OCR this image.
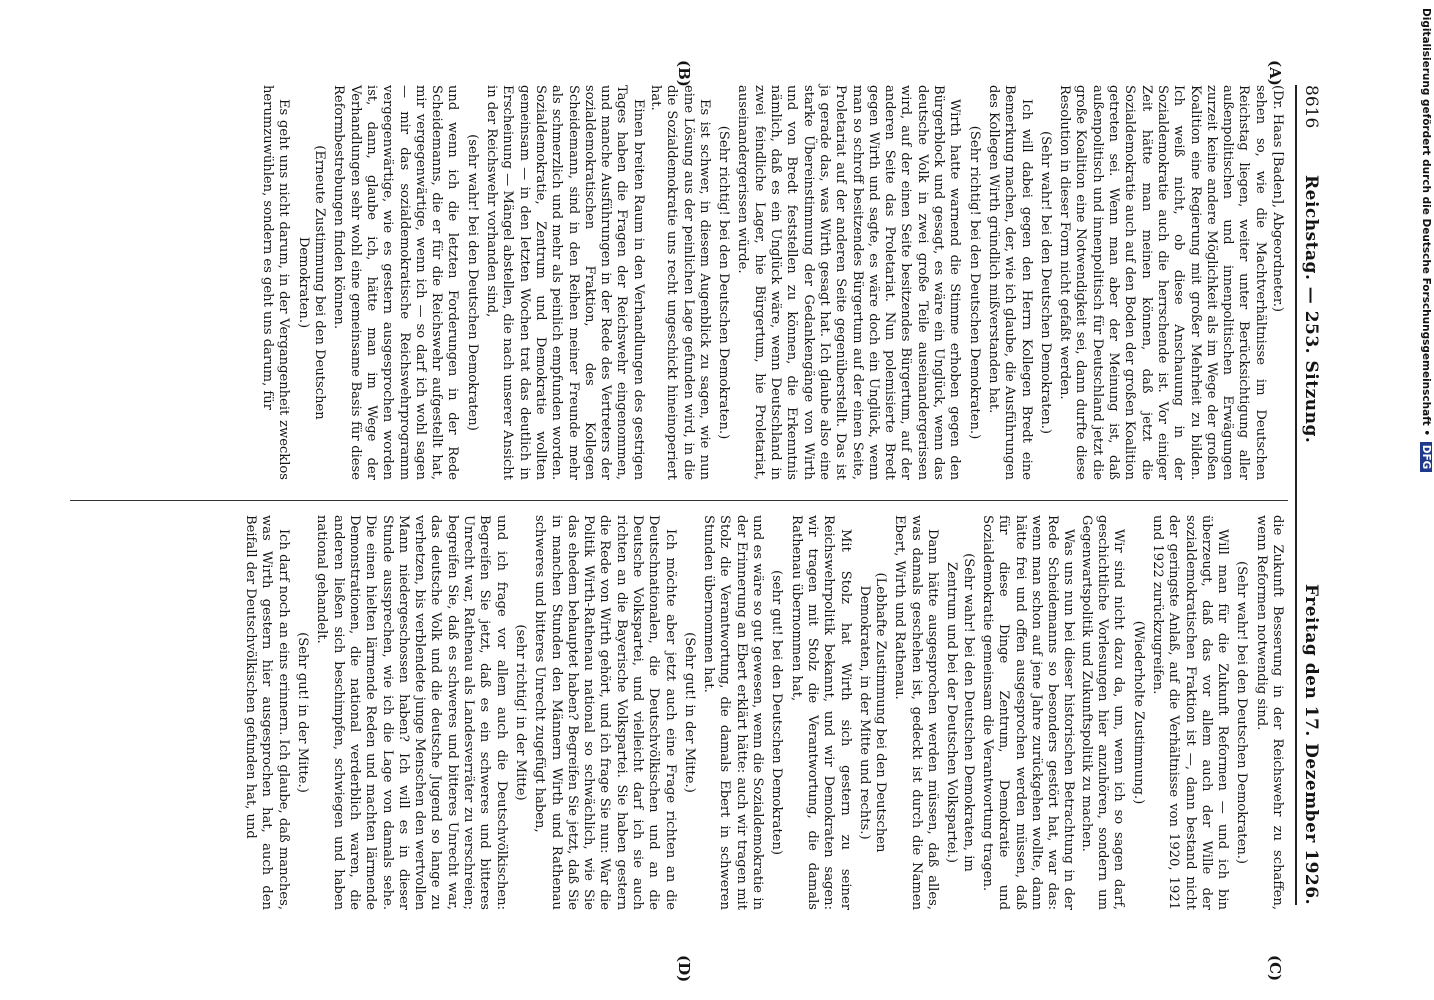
8616
Reichstag. — 253. Sitzung.
Freitag den 17. Dezember 1926.
(A)
(B)
(C)
(D)

(Dr. Haas [Baden], Abgeordneter.)

sehen so, wie die Machtverhältnisse im Deutschen Reichstag liegen, weiter unter Berücksichtigung aller außenpolitischen und innenpolitischen Erwägungen zurzeit keine andere Möglichkeit als im Wege der großen Koalition eine Regierung mit großer Mehrheit zu bilden. Ich weiß nicht, ob diese Anschauung in der Sozialdemokratie auch die herrschende ist. Vor einiger Zeit hätte man meinen können, daß jetzt die Sozialdemokratie auch auf den Boden der großen Koalition getreten sei. Wenn man aber der Meinung ist, daß außenpolitisch und innenpolitisch für Deutschland jetzt die große Koalition eine Notwendigkeit sei, dann durfte diese Resolution in dieser Form nicht gefaßt werden.

(Sehr wahr! bei den Deutschen Demokraten.)

Ich will dabei gegen den Herrn Kollegen Bredt eine Bemerkung machen, der, wie ich glaube, die Ausführungen des Kollegen Wirth gründlich mißverstanden hat.

(Sehr richtig! bei den Deutschen Demokraten.)

Wirth hatte warnend die Stimme erhoben gegen den Bürgerblock und gesagt, es wäre ein Unglück, wenn das deutsche Volk in zwei große Teile auseinandergerissen wird, auf der einen Seite besitzendes Bürgertum, auf der anderen Seite das Proletariat. Nun polemisierte Bredt gegen Wirth und sagte, es wäre doch ein Unglück, wenn man so schroff besitzendes Bürgertum auf der einen Seite, Proletariat auf der anderen Seite gegenüberstellt. Das ist ja gerade das, was Wirth gesagt hat. Ich glaube also eine starke Übereinstimmung der Gedankengänge von Wirth und von Bredt feststellen zu können, die Erkenntnis nämlich, daß es ein Unglück wäre, wenn Deutschland in zwei feindliche Lager, hie Bürgertum, hie Proletariat, auseinandergerissen würde.

(Sehr richtig! bei den Deutschen Demokraten.)

Es ist schwer, in diesem Augenblick zu sagen, wie nun eine Lösung aus der peinlichen Lage gefunden wird, in die die Sozialdemokratie uns recht ungeschickt hineinoperiert hat.

Einen breiten Raum in den Verhandlungen des gestrigen Tages haben die Fragen der Reichswehr eingenommen, und manche Ausführungen in der Rede des Vertreters der sozialdemokratischen Fraktion, des Kollegen Scheidemann, sind in den Reihen meiner Freunde mehr als schmerzlich und mehr als peinlich empfunden worden. Sozialdemokratie, Zentrum und Demokratie wollten gemeinsam — in den letzten Wochen trat das deutlich in Erscheinung — Mängel abstellen, die nach unserer Ansicht in der Reichswehr vorhanden sind,

(sehr wahr! bei den Deutschen Demokraten)

und wenn ich die letzten Forderungen in der Rede Scheidemanns, die er für die Reichswehr aufgestellt hat, mir vergegenwärtige, wenn ich — so darf ich wohl sagen — mir das sozialdemokratische Reichswehrprogramm vergegenwärtige, wie es gestern ausgesprochen worden ist, dann, glaube ich, hätte man im Wege der Verhandlungen sehr wohl eine gemeinsame Basis für diese Reformbestrebungen finden können.

(Erneute Zustimmung bei den Deutschen Demokraten.)

Es geht uns nicht darum, in der Vergangenheit zwecklos herumzuwühlen, sondern es geht uns darum, für

die Zukunft Besserung in der Reichswehr zu schaffen, wenn Reformen notwendig sind.

(Sehr wahr! bei den Deutschen Demokraten.)

Will man für die Zukunft Reformen — und ich bin überzeugt, daß das vor allem auch der Wille der sozialdemokratischen Fraktion ist —, dann bestand nicht der geringste Anlaß, auf die Verhältnisse von 1920, 1921 und 1922 zurückzugreifen.

(Wiederholte Zustimmung.)

Wir sind nicht dazu da, um, wenn ich so sagen darf, geschichtliche Vorlesungen hier anzuhören, sondern um Gegenwartspolitik und Zukunftspolitik zu machen.

Was uns nun bei dieser historischen Betrachtung in der Rede Scheidemanns so besonders gestört hat, war das: wenn man schon auf jene Jahre zurückgehen wollte, dann hätte frei und offen ausgesprochen werden müssen, daß für diese Dinge Zentrum, Demokratie und Sozialdemokratie gemeinsam die Verantwortung tragen.

(Sehr wahr! bei den Deutschen Demokraten, im Zentrum und bei der Deutschen Volkspartei.)

Dann hätte ausgesprochen werden müssen, daß alles, was damals geschehen ist, gedeckt ist durch die Namen Ebert, Wirth und Rathenau.

(Lebhafte Zustimmung bei den Deutschen Demokraten, in der Mitte und rechts.)

Mit Stolz hat Wirth sich gestern zu seiner Reichswehrpolitik bekannt, und wir Demokraten sagen: wir tragen mit Stolz die Verantwortung, die damals Rathenau übernommen hat,

(sehr gut! bei den Deutschen Demokraten)

und es wäre so gut gewesen, wenn die Sozialdemokratie in der Erinnerung an Ebert erklärt hätte: auch wir tragen mit Stolz die Verantwortung, die damals Ebert in schweren Stunden übernommen hat.

(Sehr gut! in der Mitte.)

Ich möchte aber jetzt auch eine Frage richten an die Deutschnationalen, die Deutschvölkischen und an die Deutsche Volkspartei, und vielleicht darf ich sie auch richten an die Bayerische Volkspartei. Sie haben gestern die Rede von Wirth gehört, und ich frage Sie nun: War die Politik Wirth-Rathenau national so schwächlich, wie Sie das ehedem behauptet haben? Begreifen Sie jetzt, daß Sie in manchen Stunden den Männern Wirth und Rathenau schweres und bitteres Unrecht zugefügt haben,

(sehr richtig! in der Mitte)

und ich frage vor allem auch die Deutschvölkischen: Begreifen Sie jetzt, daß es ein schweres und bitteres Unrecht war, Rathenau als Landesverräter zu verschreien; begreifen Sie, daß es schweres und bitteres Unrecht war, das deutsche Volk und die deutsche Jugend so lange zu verhetzen, bis verblendete junge Menschen den wertvollen Mann niedergeschossen haben? Ich will es in dieser Stunde aussprechen, wie ich die Lage von damals sehe. Die einen hielten lärmende Reden und machten lärmende Demonstrationen, die national verderblich waren, die anderen ließen sich beschimpfen, schwiegen und haben national gehandelt.

(Sehr gut! in der Mitte.)

Ich darf noch an eins erinnern. Ich glaube, daß manches, was Wirth gestern hier ausgesprochen hat, auch den Beifall der Deutschvölkischen gefunden hat, und

Digitalisierung gefördert durch die Deutsche Forschungsgemeinschaft • DFG
